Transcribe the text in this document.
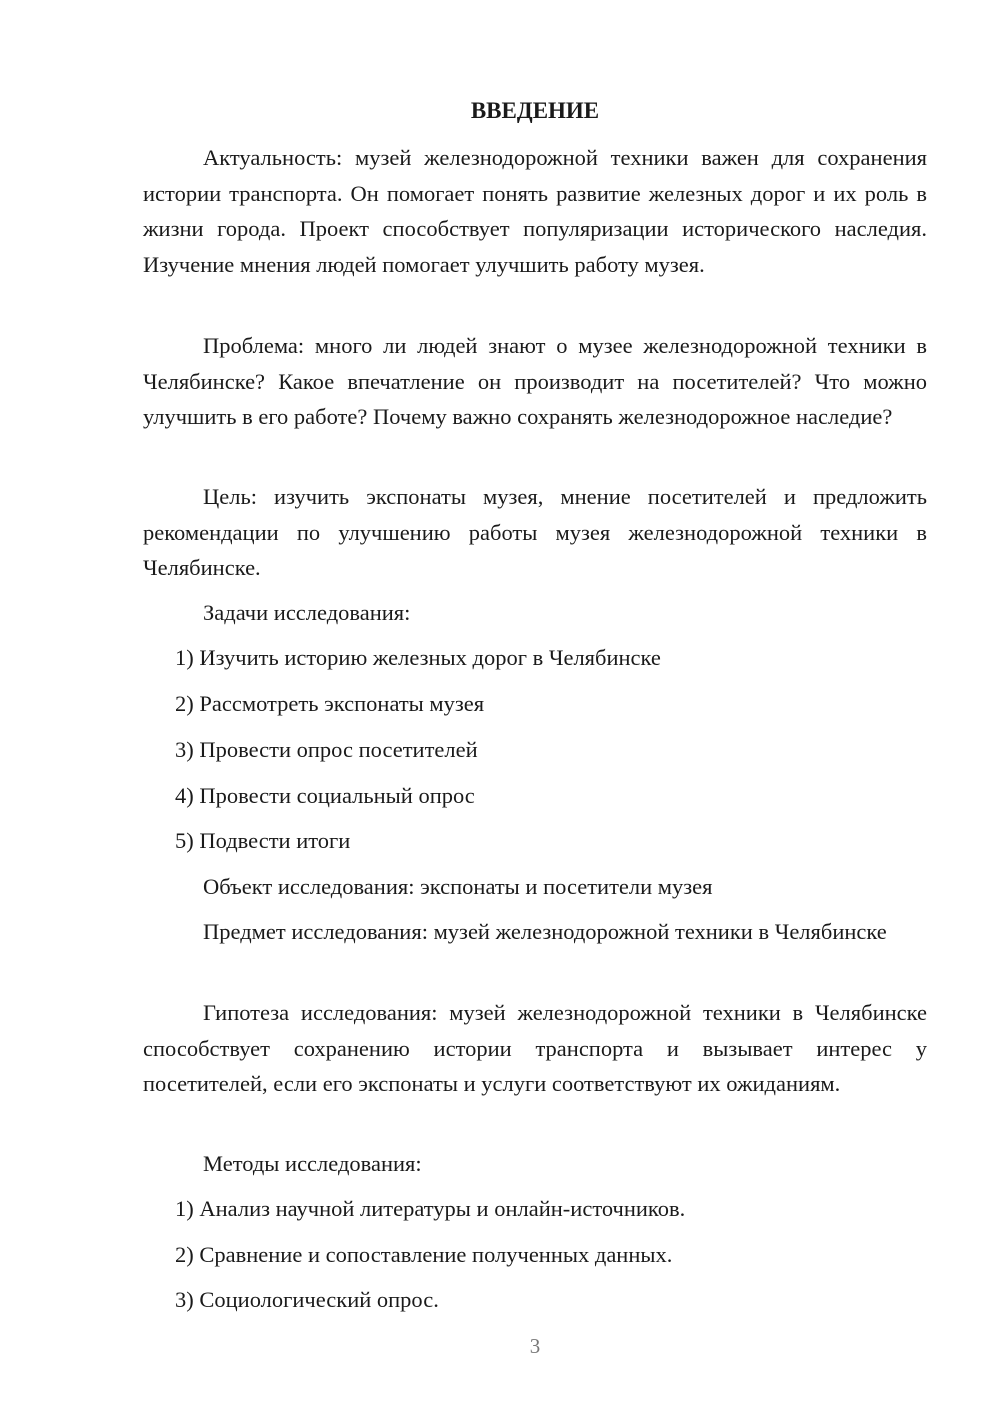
ВВЕДЕНИЕ

Актуальность: музей железнодорожной техники важен для сохранения истории транспорта. Он помогает понять развитие железных дорог и их роль в жизни города. Проект способствует популяризации исторического наследия. Изучение мнения людей помогает улучшить работу музея.

Проблема: много ли людей знают о музее железнодорожной техники в Челябинске? Какое впечатление он производит на посетителей? Что можно улучшить в его работе? Почему важно сохранять железнодорожное наследие?

Цель: изучить экспонаты музея, мнение посетителей и предложить рекомендации по улучшению работы музея железнодорожной техники в Челябинске.

Задачи исследования:
1) Изучить историю железных дорог в Челябинске
2) Рассмотреть экспонаты музея
3) Провести опрос посетителей
4) Провести социальный опрос
5) Подвести итоги
Объект исследования: экспонаты и посетители музея

Предмет исследования: музей железнодорожной техники в Челябинске

Гипотеза исследования: музей железнодорожной техники в Челябинске способствует сохранению истории транспорта и вызывает интерес у посетителей, если его экспонаты и услуги соответствуют их ожиданиям.

Методы исследования:
1) Анализ научной литературы и онлайн-источников.
2) Сравнение и сопоставление полученных данных.
3) Социологический опрос.
3
